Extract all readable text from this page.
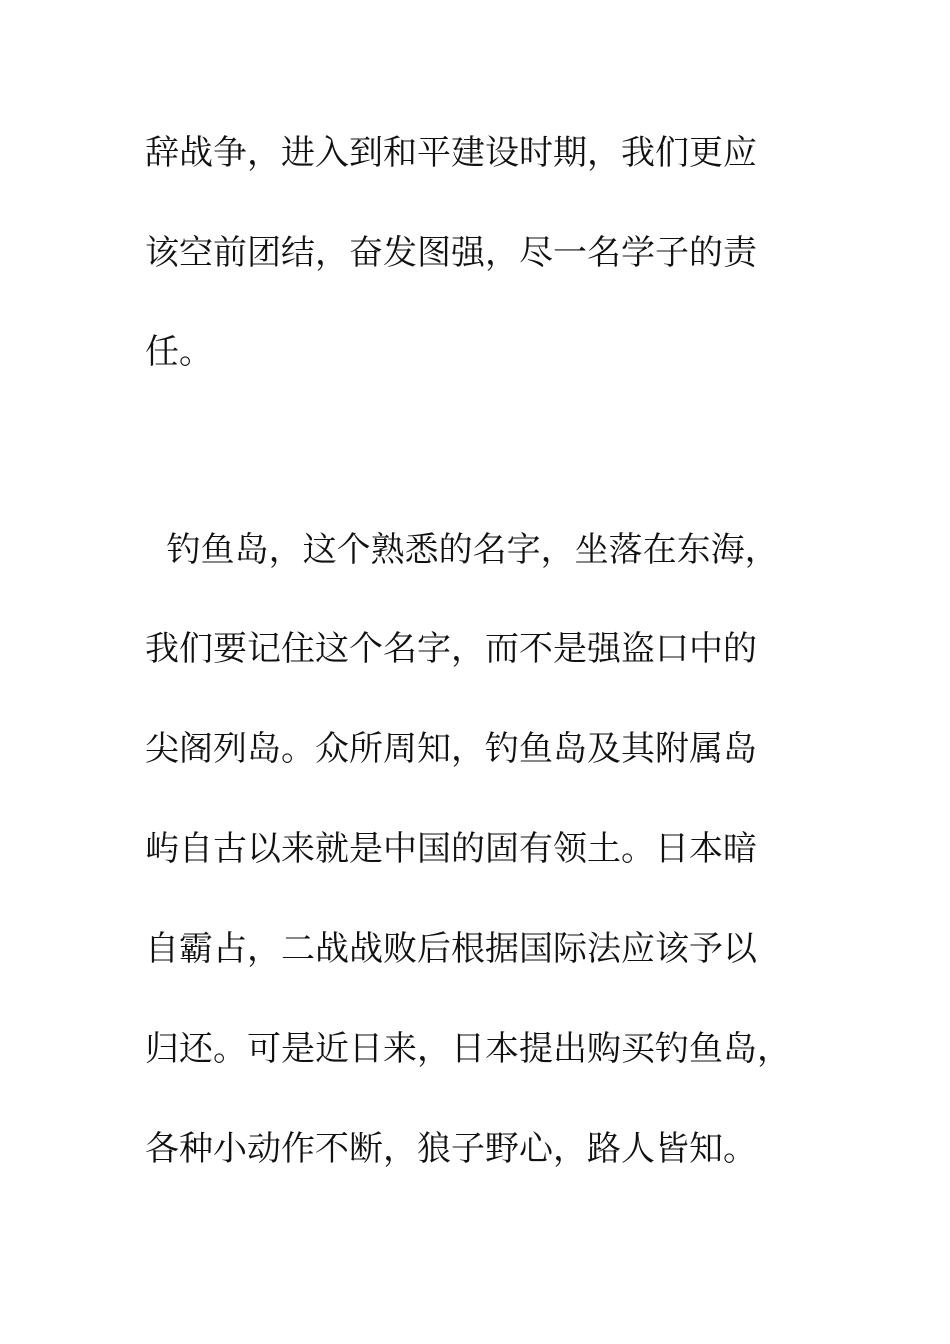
辞战争，进入到和平建设时期，我们更应

该空前团结，奋发图强，尽一名学子的责

任。

钓鱼岛，这个熟悉的名字，坐落在东海，

我们要记住这个名字，而不是强盗口中的

尖阁列岛。众所周知，钓鱼岛及其附属岛

屿自古以来就是中国的固有领土。日本暗

自霸占，二战战败后根据国际法应该予以

归还。可是近日来，日本提出购买钓鱼岛，

各种小动作不断，狼子野心，路人皆知。
